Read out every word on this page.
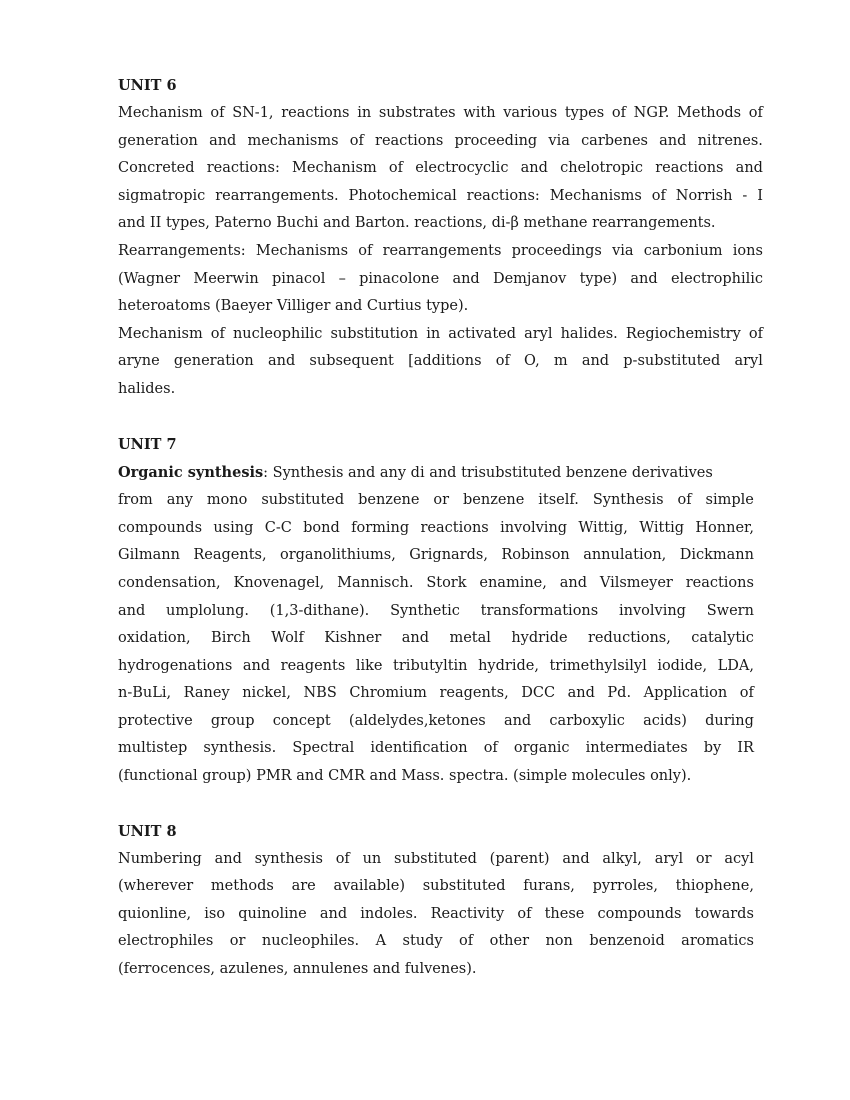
UNIT 6

Mechanism of SN-1, reactions in substrates with various types of NGP. Methods of

generation and mechanisms of reactions proceeding via carbenes and nitrenes.

Concreted reactions: Mechanism of electrocyclic and chelotropic reactions and

sigmatropic rearrangements. Photochemical reactions: Mechanisms of Norrish - I

and II types, Paterno Buchi and Barton. reactions, di-β methane rearrangements.

Rearrangements: Mechanisms of rearrangements proceedings via carbonium ions

(Wagner Meerwin pinacol – pinacolone and Demjanov type) and electrophilic

heteroatoms (Baeyer Villiger and Curtius type).

Mechanism of nucleophilic substitution in activated aryl halides. Regiochemistry of

aryne generation and subsequent [additions of O, m and p-substituted aryl

halides.

UNIT 7

Organic synthesis: Synthesis and any di and trisubstituted benzene derivatives

from any mono substituted benzene or benzene itself. Synthesis of simple

compounds using C-C bond forming reactions involving Wittig, Wittig Honner,

Gilmann Reagents, organolithiums, Grignards, Robinson annulation, Dickmann

condensation, Knovenagel, Mannisch. Stork enamine, and Vilsmeyer reactions

and umplolung. (1,3-dithane). Synthetic transformations involving Swern

oxidation, Birch Wolf Kishner and metal hydride reductions, catalytic

hydrogenations and reagents like tributyltin hydride, trimethylsilyl iodide, LDA,

n-BuLi, Raney nickel, NBS Chromium reagents, DCC and Pd. Application of

protective group concept (aldelydes,ketones and carboxylic acids) during

multistep synthesis. Spectral identification of organic intermediates by IR

(functional group) PMR and CMR and Mass. spectra. (simple molecules only).

UNIT 8

Numbering and synthesis of un substituted (parent) and alkyl, aryl or acyl

(wherever methods are available) substituted furans, pyrroles, thiophene,

quionline, iso quinoline and indoles. Reactivity of these compounds towards

electrophiles or nucleophiles. A study of other non benzenoid aromatics

(ferrocences, azulenes, annulenes and fulvenes).
